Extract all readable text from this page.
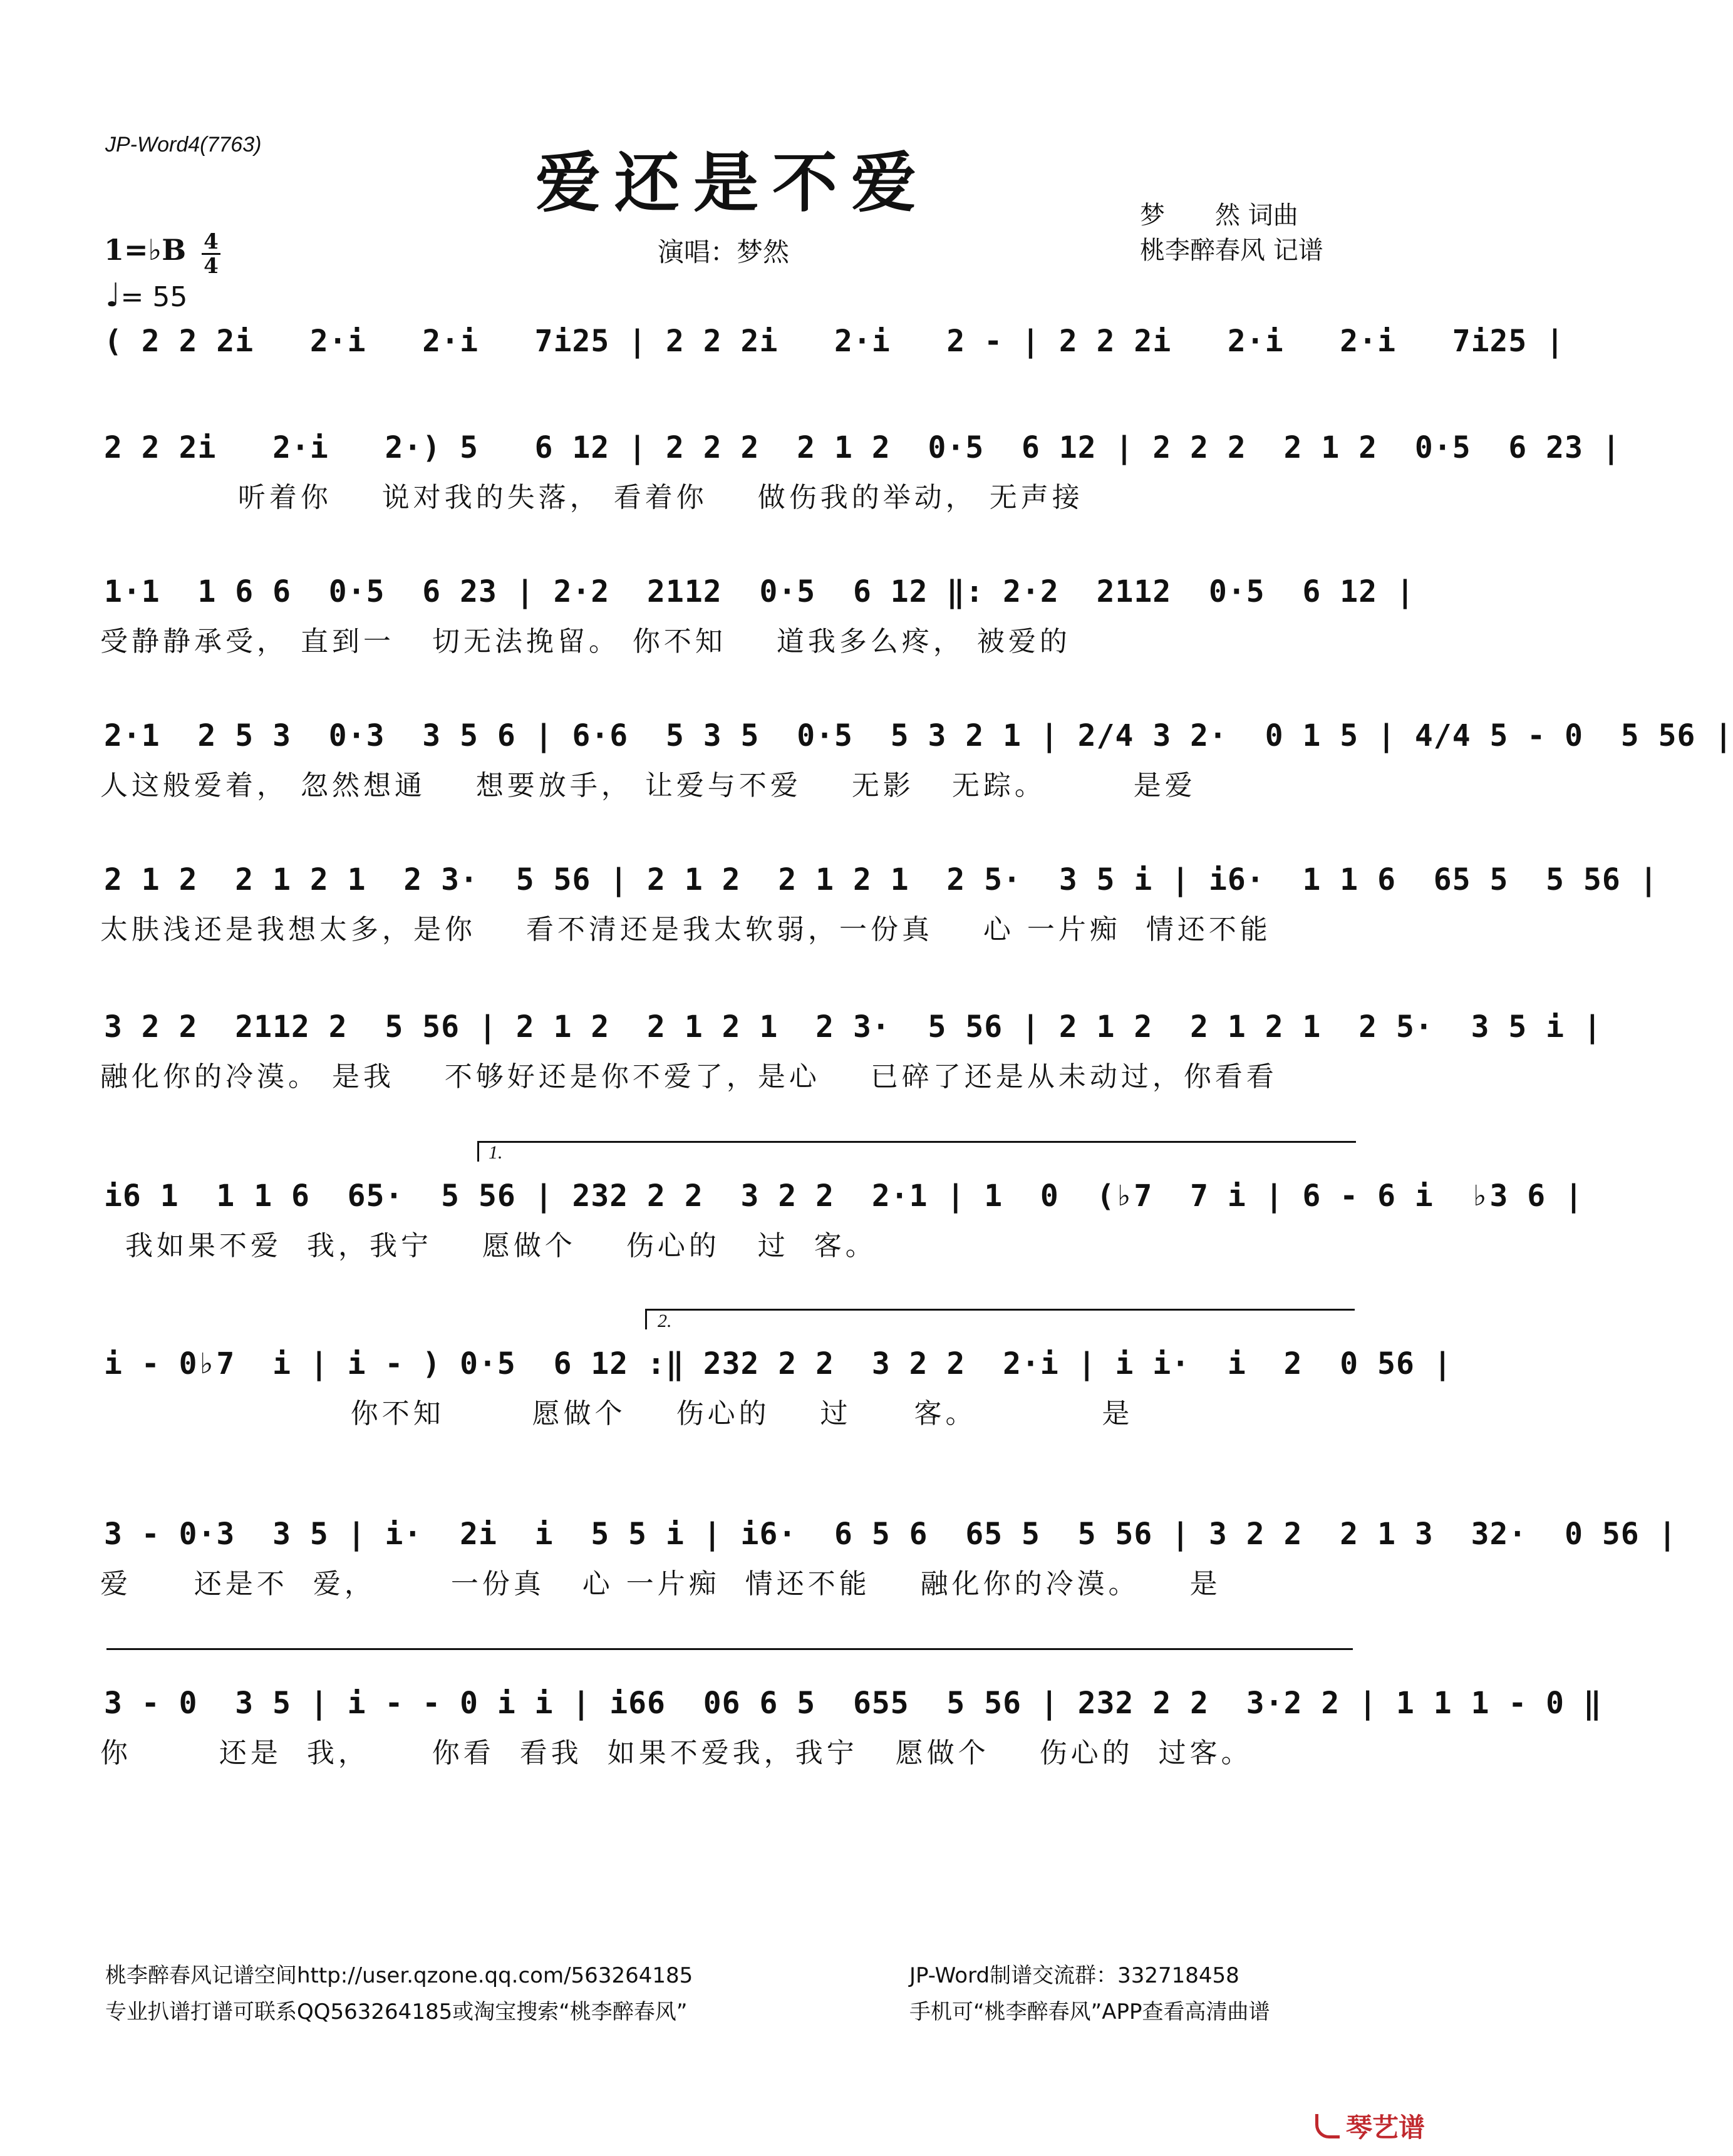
JP-Word4(7763)	爱还是不爱	梦　　然 词曲
桃李醉春风 记谱
1=♭B 4
4
♩= 55
演唱：梦然
( 2 2 2i   2·i   2·i   7i25 | 2 2 2i   2·i   2 - | 2 2 2i   2·i   2·i   7i25 |
2 2 2i   2·i   2·) 5   6 12 | 2 2 2  2 1 2  0·5  6 12 | 2 2 2  2 1 2  0·5  6 23 |
听着你    说对我的失落， 看着你    做伤我的举动， 无声接
1·1  1 6 6  0·5  6 23 | 2·2  2112  0·5  6 12 ‖: 2·2  2112  0·5  6 12 |
受静静承受， 直到一   切无法挽留。 你不知    道我多么疼， 被爱的
2·1  2 5 3  0·3  3 5 6 | 6·6  5 3 5  0·5  5 3 2 1 | 2/4 3 2·  0 1 5 | 4/4 5 - 0  5 56 |
人这般爱着， 忽然想通    想要放手， 让爱与不爱    无影   无踪。       是爱
2 1 2  2 1 2 1  2 3·  5 56 | 2 1 2  2 1 2 1  2 5·  3 5 i | i6·  1 1 6  65 5  5 56 |
太肤浅还是我想太多，是你    看不清还是我太软弱，一份真    心 一片痴  情还不能
3 2 2  2112 2  5 56 | 2 1 2  2 1 2 1  2 3·  5 56 | 2 1 2  2 1 2 1  2 5·  3 5 i |
融化你的冷漠。 是我    不够好还是你不爱了，是心    已碎了还是从未动过，你看看
1.
i6 1  1 1 6  65·  5 56 | 232 2 2  3 2 2  2·1 | 1  0  (♭7  7 i | 6 - 6 i  ♭3 6 |
我如果不爱  我，我宁    愿做个    伤心的   过  客。
2.
i - 0♭7  i | i - ) 0·5  6 12 :‖ 232 2 2  3 2 2  2·i | i i·  i  2  0 56 |
你不知       愿做个    伤心的    过     客。          是
3 - 0·3  3 5 | i·  2i  i  5 5 i | i6·  6 5 6  65 5  5 56 | 3 2 2  2 1 3  32·  0 56 |
爱     还是不  爱，      一份真   心 一片痴  情还不能    融化你的冷漠。    是
3 - 0  3 5 | i - - 0 i i | i66  06 6 5  655  5 56 | 232 2 2  3·2 2 | 1 1 1 - 0 ‖
你       还是  我，     你看  看我  如果不爱我，我宁   愿做个    伤心的  过客。
桃李醉春风记谱空间http://user.qzone.qq.com/563264185
专业扒谱打谱可联系QQ563264185或淘宝搜索“桃李醉春风”
JP-Word制谱交流群：332718458
手机可“桃李醉春风”APP查看高清曲谱
琴艺谱
